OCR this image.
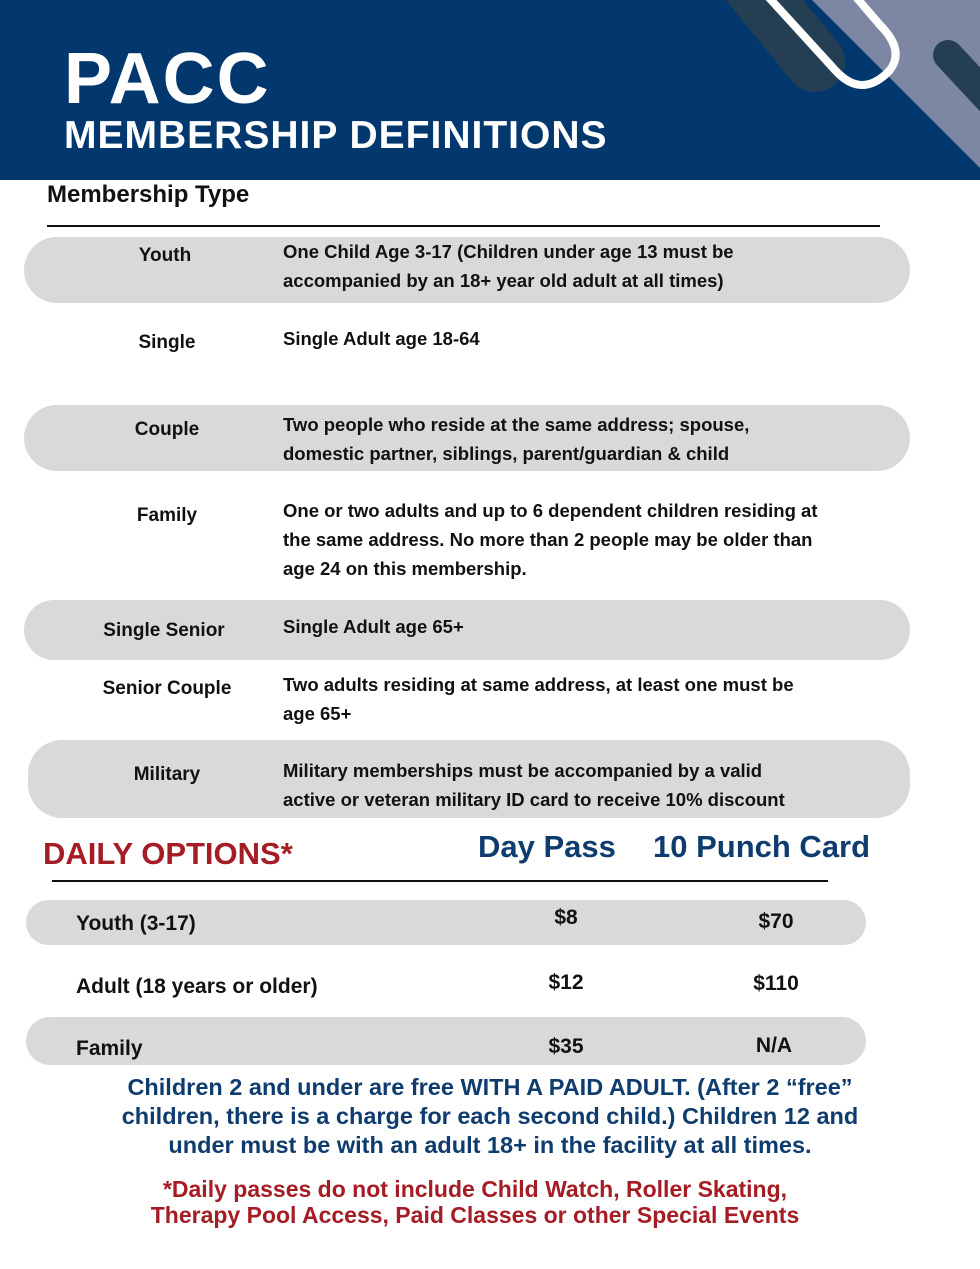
PACC
MEMBERSHIP DEFINITIONS
Membership Type
Youth	One Child Age 3-17 (Children under age 13 must be
accompanied by an 18+ year old adult at all times)
Single	Single Adult age 18-64
Couple	Two people who reside at the same address; spouse,
domestic partner, siblings, parent/guardian & child
Family	One or two adults and up to 6 dependent children residing at
the same address. No more than 2 people may be older than
age 24 on this membership.
Single Senior	Single Adult age 65+
Senior Couple	Two adults residing at same address, at least one must be
age 65+
Military	Military memberships must be accompanied by a valid
active or veteran military ID card to receive 10% discount
DAILY OPTIONS*	Day Pass 10 Punch Card
Youth (3-17)	$8	$70
Adult (18 years or older)	$12	$110
Family	$35	N/A
Children 2 and under are free WITH A PAID ADULT. (After 2 “free”
children, there is a charge for each second child.) Children 12 and
under must be with an adult 18+ in the facility at all times.
*Daily passes do not include Child Watch, Roller Skating,
Therapy Pool Access, Paid Classes or other Special Events
